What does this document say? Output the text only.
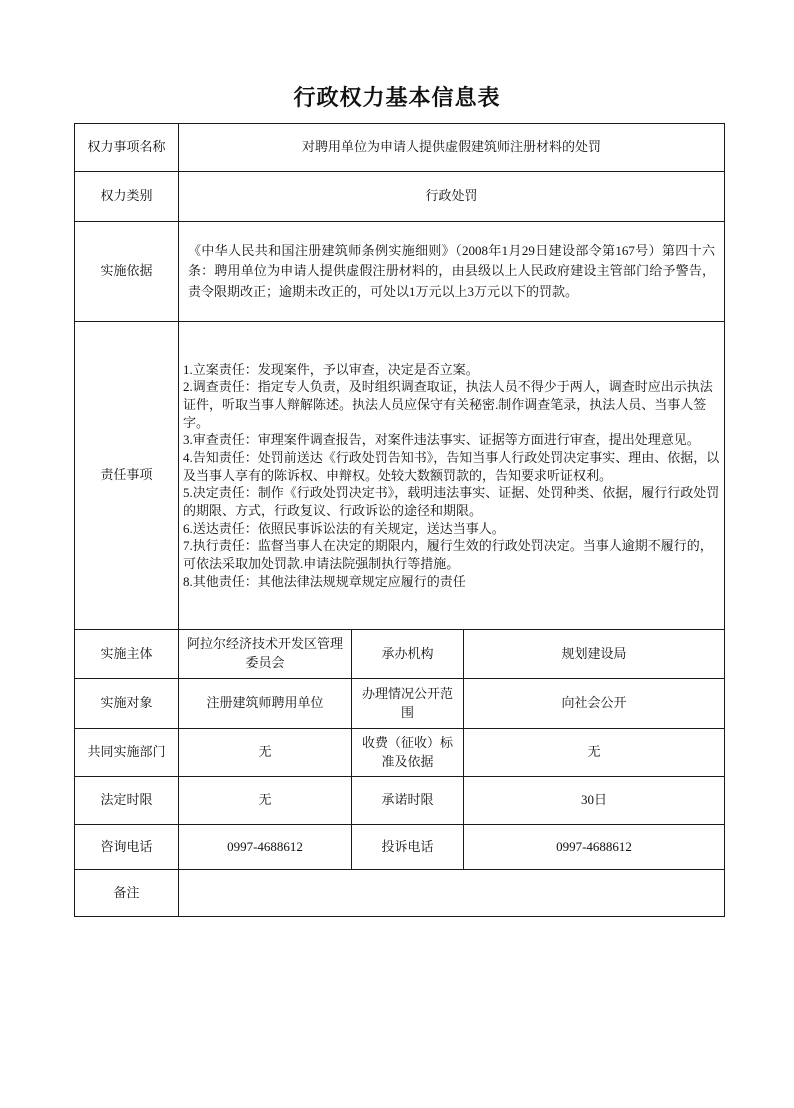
行政权力基本信息表
权力事项名称	对聘用单位为申请人提供虚假建筑师注册材料的处罚		
权力类别	行政处罚		
实施依据	《中华人民共和国注册建筑师条例实施细则》（2008年1月29日建设部令第167号）第四十六条：聘用单位为申请人提供虚假注册材料的，由县级以上人民政府建设主管部门给予警告，责令限期改正；逾期未改正的，可处以1万元以上3万元以下的罚款。		
责任事项	
1.立案责任：发现案件，予以审查，决定是否立案。
2.调查责任：指定专人负责，及时组织调查取证，执法人员不得少于两人，调查时应出示执法证件，听取当事人辩解陈述。执法人员应保守有关秘密.制作调查笔录，执法人员、当事人签字。
3.审查责任：审理案件调查报告，对案件违法事实、证据等方面进行审查，提出处理意见。
4.告知责任：处罚前送达《行政处罚告知书》，告知当事人行政处罚决定事实、理由、依据，以及当事人享有的陈诉权、申辩权。处较大数额罚款的，告知要求听证权利。
5.决定责任：制作《行政处罚决定书》，载明违法事实、证据、处罚种类、依据，履行行政处罚的期限、方式，行政复议、行政诉讼的途径和期限。
6.送达责任：依照民事诉讼法的有关规定，送达当事人。
7.执行责任：监督当事人在决定的期限内，履行生效的行政处罚决定。当事人逾期不履行的，可依法采取加处罚款.申请法院强制执行等措施。
8.其他责任：其他法律法规规章规定应履行的责任

实施主体	阿拉尔经济技术开发区管理委员会	承办机构	规划建设局
实施对象	注册建筑师聘用单位	办理情况公开范围	向社会公开
共同实施部门	无	收费（征收）标准及依据	无
法定时限	无	承诺时限	30日
咨询电话	0997-4688612	投诉电话	0997-4688612
备注			
